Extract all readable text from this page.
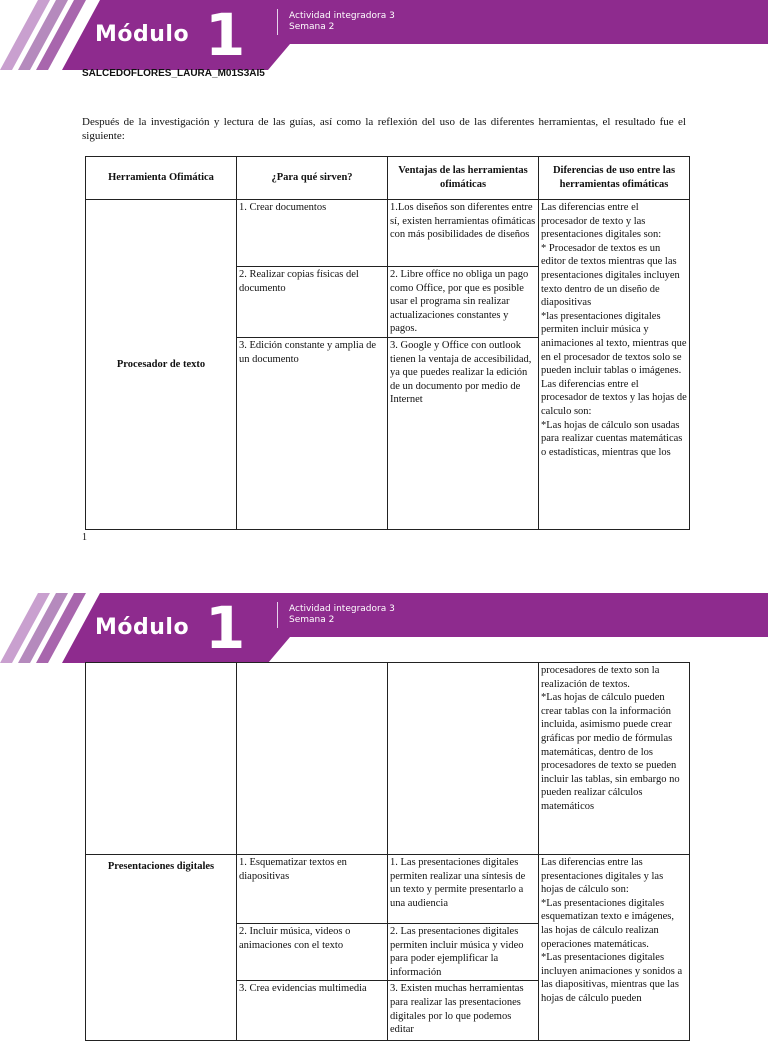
Módulo 1	Actividad integradora 3
Semana 2
SALCEDOFLORES_LAURA_M01S3AI5
Después de la investigación y lectura de las guías, así como la reflexión del uso de las diferentes herramientas, el resultado fue el siguiente:
Herramienta Ofimática	¿Para qué sirven?	Ventajas de las herramientas ofimáticas	Diferencias de uso entre las herramientas ofimáticas
Procesador de texto	1. Crear documentos	1.Los diseños son diferentes entre sí, existen herramientas ofimáticas con más posibilidades de diseños	Las diferencias entre el procesador de texto y las presentaciones digitales son:
* Procesador de textos es un editor de textos mientras que las presentaciones digitales incluyen texto dentro de un diseño de diapositivas
*las presentaciones digitales permiten incluir música y animaciones al texto, mientras que en el procesador de textos solo se pueden incluir tablas o imágenes.
Las diferencias entre el procesador de textos y las hojas de calculo son:
*Las hojas de cálculo son usadas para realizar cuentas matemáticas o estadísticas, mientras que los
	2. Realizar copias físicas del documento	2. Libre office no obliga un pago como Office, por que es posible usar el programa sin realizar actualizaciones constantes y pagos.	
	3. Edición constante y amplia de un documento	3. Google y Office con outlook tienen la ventaja de accesibilidad, ya que puedes realizar la edición de un documento por medio de Internet	
1
Módulo 1	Actividad integradora 3
Semana 2
			procesadores de texto son la realización de textos.
*Las hojas de cálculo pueden crear tablas con la información incluida, asimismo puede crear gráficas por medio de fórmulas matemáticas, dentro de los procesadores de texto se pueden incluir las tablas, sin embargo no pueden realizar cálculos matemáticos
Presentaciones digitales	1. Esquematizar textos en diapositivas	1. Las presentaciones digitales permiten realizar una síntesis de un texto y permite presentarlo a una audiencia	Las diferencias entre las presentaciones digitales y las hojas de cálculo son:
*Las presentaciones digitales esquematizan texto e imágenes, las hojas de cálculo realizan operaciones matemáticas.
*Las presentaciones digitales incluyen animaciones y sonidos a las diapositivas, mientras que las hojas de cálculo pueden
	2. Incluir música, videos o animaciones con el texto	2. Las presentaciones digitales permiten incluir música y video para poder ejemplificar la información	
	3. Crea evidencias multimedia	3. Existen muchas herramientas para realizar las presentaciones digitales por lo que podemos editar	
